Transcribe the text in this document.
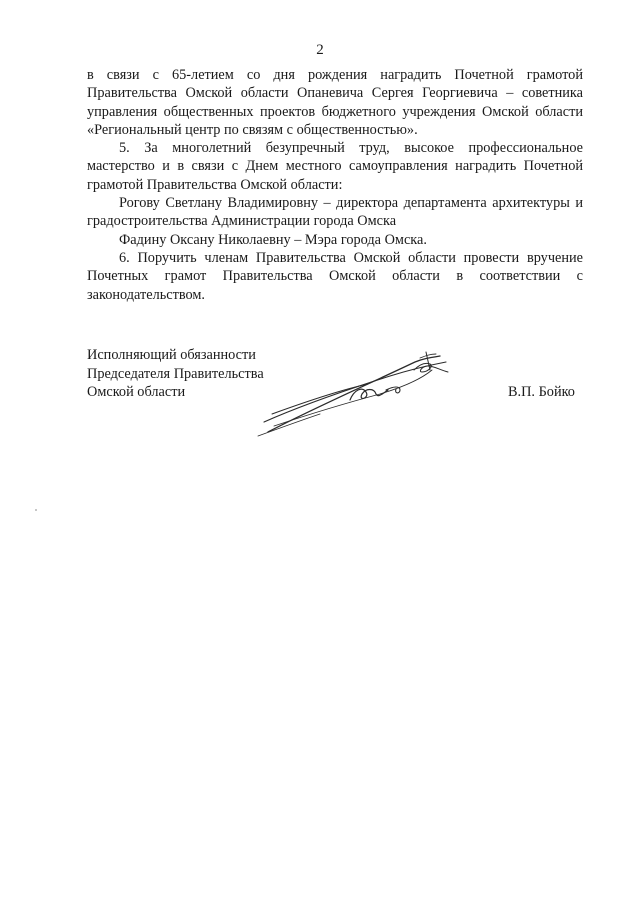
2

в связи с 65-летием со дня рождения наградить Почетной грамотой Правительства Омской области Опаневича Сергея Георгиевича – советника управления общественных проектов бюджетного учреждения Омской области «Региональный центр по связям с общественностью».

5. За многолетний безупречный труд, высокое профессиональное мастерство и в связи с Днем местного самоуправления наградить Почетной грамотой Правительства Омской области:

Рогову Светлану Владимировну – директора департамента архитектуры и градостроительства Администрации города Омска

Фадину Оксану Николаевну – Мэра города Омска.

6. Поручить членам Правительства Омской области провести вручение Почетных грамот Правительства Омской области в соответствии с законодательством.

Исполняющий обязанности
Председателя Правительства
Омской области	В.П. Бойко
